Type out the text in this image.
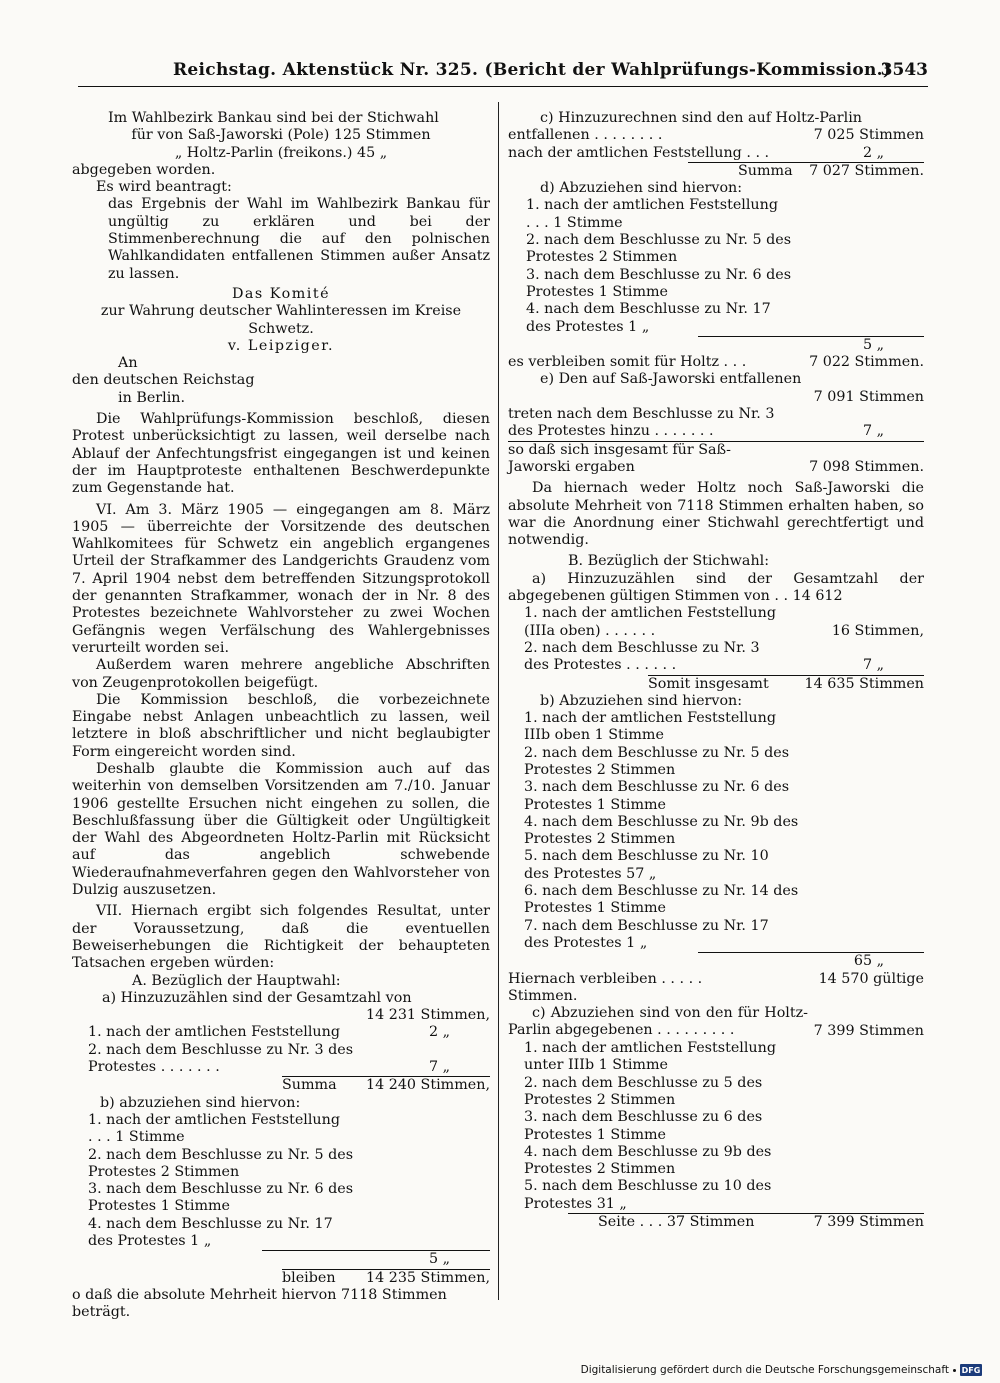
Reichstag. Aktenstück Nr. 325. (Bericht der Wahlprüfungs-Kommission.)
3543

Im Wahlbezirk Bankau sind bei der Stichwahl

für von Saß-Jaworski (Pole) 125 Stimmen

„ Holtz-Parlin (freikons.) 45 „

abgegeben worden.

Es wird beantragt:

das Ergebnis der Wahl im Wahlbezirk Bankau für ungültig zu erklären und bei der Stimmenberechnung die auf den polnischen Wahlkandidaten entfallenen Stimmen außer Ansatz zu lassen.

Das Komité

zur Wahrung deutscher Wahlinteressen im Kreise Schwetz.

v. Leipziger.

An

den deutschen Reichstag

in Berlin.

Die Wahlprüfungs-Kommission beschloß, diesen Protest unberücksichtigt zu lassen, weil derselbe nach Ablauf der Anfechtungsfrist eingegangen ist und keinen der im Hauptproteste enthaltenen Beschwerdepunkte zum Gegenstande hat.

VI. Am 3. März 1905 — eingegangen am 8. März 1905 — überreichte der Vorsitzende des deutschen Wahlkomitees für Schwetz ein angeblich ergangenes Urteil der Strafkammer des Landgerichts Graudenz vom 7. April 1904 nebst dem betreffenden Sitzungsprotokoll der genannten Strafkammer, wonach der in Nr. 8 des Protestes bezeichnete Wahlvorsteher zu zwei Wochen Gefängnis wegen Verfälschung des Wahlergebnisses verurteilt worden sei.

Außerdem waren mehrere angebliche Abschriften von Zeugenprotokollen beigefügt.

Die Kommission beschloß, die vorbezeichnete Eingabe nebst Anlagen unbeachtlich zu lassen, weil letztere in bloß abschriftlicher und nicht beglaubigter Form eingereicht worden sind.

Deshalb glaubte die Kommission auch auf das weiterhin von demselben Vorsitzenden am 7./10. Januar 1906 gestellte Ersuchen nicht eingehen zu sollen, die Beschlußfassung über die Gültigkeit oder Ungültigkeit der Wahl des Abgeordneten Holtz-Parlin mit Rücksicht auf das angeblich schwebende Wiederaufnahmeverfahren gegen den Wahlvorsteher von Dulzig auszusetzen.

VII. Hiernach ergibt sich folgendes Resultat, unter der Voraussetzung, daß die eventuellen Beweiserhebungen die Richtigkeit der behaupteten Tatsachen ergeben würden:

A. Bezüglich der Hauptwahl:

a) Hinzuzuzählen sind der Gesamtzahl von

14 231 Stimmen,

1. nach der amtlichen Feststellung	2 „
2. nach dem Beschlusse zu Nr. 3 des Protestes . . . . . . .	7 „
Summa 14 240 Stimmen,

b) abzuziehen sind hiervon:

1. nach der amtlichen Feststellung . . . 1 Stimme

2. nach dem Beschlusse zu Nr. 5 des Protestes 2 Stimmen

3. nach dem Beschlusse zu Nr. 6 des Protestes 1 Stimme

4. nach dem Beschlusse zu Nr. 17 des Protestes 1 „

5 „

bleiben 14 235 Stimmen,

o daß die absolute Mehrheit hiervon 7118 Stimmen beträgt.

c) Hinzuzurechnen sind den auf Holtz-Parlin

entfallenen . . . . . . . .	7 025 Stimmen
nach der amtlichen Feststellung . . .	2 „
Summa 7 027 Stimmen.

d) Abzuziehen sind hiervon:

1. nach der amtlichen Feststellung . . . 1 Stimme

2. nach dem Beschlusse zu Nr. 5 des Protestes 2 Stimmen

3. nach dem Beschlusse zu Nr. 6 des Protestes 1 Stimme

4. nach dem Beschlusse zu Nr. 17 des Protestes 1 „

5 „

es verbleiben somit für Holtz . . .	7 022 Stimmen.

e) Den auf Saß-Jaworski entfallenen

7 091 Stimmen

treten nach dem Beschlusse zu Nr. 3 des Protestes hinzu . . . . . . .	7 „
so daß sich insgesamt für Saß-Jaworski ergaben	7 098 Stimmen.

Da hiernach weder Holtz noch Saß-Jaworski die absolute Mehrheit von 7118 Stimmen erhalten haben, so war die Anordnung einer Stichwahl gerechtfertigt und notwendig.

B. Bezüglich der Stichwahl:

a) Hinzuzuzählen sind der Gesamtzahl der abgegebenen gültigen Stimmen von . . 14 612

1. nach der amtlichen Feststellung (IIIa oben) . . . . . .	16 Stimmen,
2. nach dem Beschlusse zu Nr. 3 des Protestes . . . . . .	7 „
Somit insgesamt	14 635 Stimmen

b) Abzuziehen sind hiervon:

1. nach der amtlichen Feststellung IIIb oben 1 Stimme

2. nach dem Beschlusse zu Nr. 5 des Protestes 2 Stimmen

3. nach dem Beschlusse zu Nr. 6 des Protestes 1 Stimme

4. nach dem Beschlusse zu Nr. 9b des Protestes 2 Stimmen

5. nach dem Beschlusse zu Nr. 10 des Protestes 57 „

6. nach dem Beschlusse zu Nr. 14 des Protestes 1 Stimme

7. nach dem Beschlusse zu Nr. 17 des Protestes 1 „

65 „

Hiernach verbleiben . . . . .	14 570 gültige

Stimmen.

c) Abzuziehen sind von den für Holtz-Parlin abgegebenen . . . . . . . . .	7 399 Stimmen

1. nach der amtlichen Feststellung unter IIIb 1 Stimme

2. nach dem Beschlusse zu 5 des Protestes 2 Stimmen

3. nach dem Beschlusse zu 6 des Protestes 1 Stimme

4. nach dem Beschlusse zu 9b des Protestes 2 Stimmen

5. nach dem Beschlusse zu 10 des Protestes 31 „

Seite . . . 37 Stimmen	7 399 Stimmen
Digitalisierung gefördert durch die Deutsche Forschungsgemeinschaft DFG
